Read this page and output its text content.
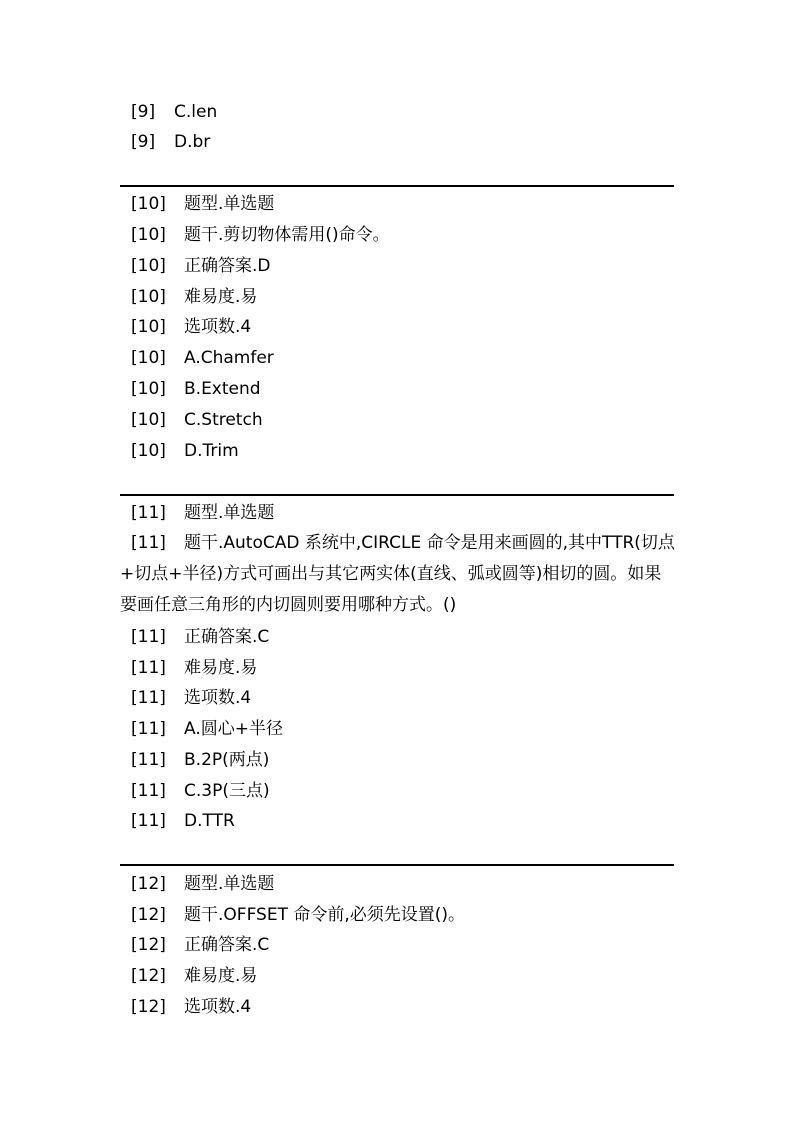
[9] C.len
[9] D.br
[10] 题型.单选题
[10] 题干.剪切物体需用()命令。
[10] 正确答案.D
[10] 难易度.易
[10] 选项数.4
[10] A.Chamfer
[10] B.Extend
[10] C.Stretch
[10] D.Trim
[11] 题型.单选题
[11] 题干.AutoCAD 系统中,CIRCLE 命令是用来画圆的,其中TTR(切点+切点+半径)方式可画出与其它两实体(直线、弧或圆等)相切的圆。如果要画任意三角形的内切圆则要用哪种方式。()
[11] 正确答案.C
[11] 难易度.易
[11] 选项数.4
[11] A.圆心+半径
[11] B.2P(两点)
[11] C.3P(三点)
[11] D.TTR
[12] 题型.单选题
[12] 题干.OFFSET 命令前,必须先设置()。
[12] 正确答案.C
[12] 难易度.易
[12] 选项数.4
